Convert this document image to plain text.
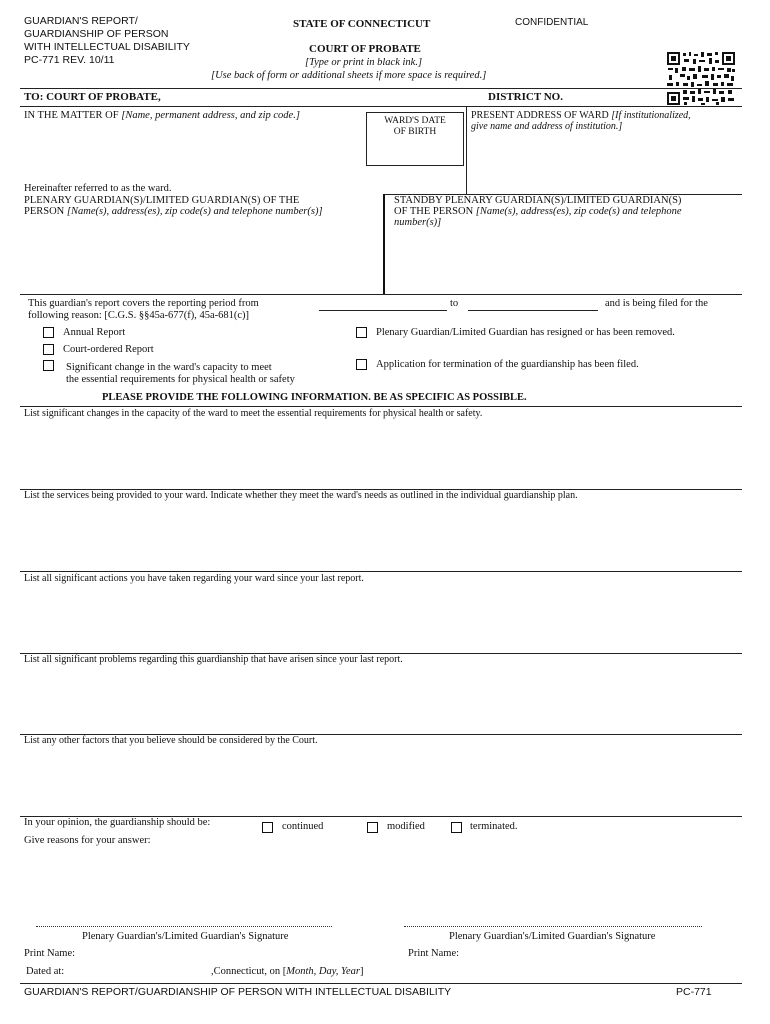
GUARDIAN'S REPORT/
GUARDIANSHIP OF PERSON
WITH INTELLECTUAL DISABILITY
PC-771 REV. 10/11
STATE OF CONNECTICUT	CONFIDENTIAL
COURT OF PROBATE
[Type or print in black ink.]
[Use back of form or additional sheets if more space is required.]
TO: COURT OF PROBATE,	DISTRICT NO.
IN THE MATTER OF [Name, permanent address, and zip code.]	WARD'S DATE
OF BIRTH
PRESENT ADDRESS OF WARD [If institutionalized,
give name and address of institution.]
Hereinafter referred to as the ward.
PLENARY GUARDIAN(S)/LIMITED GUARDIAN(S) OF THE
PERSON [Name(s), address(es), zip code(s) and telephone number(s)]
STANDBY PLENARY GUARDIAN(S)/LIMITED GUARDIAN(S)
OF THE PERSON [Name(s), address(es), zip code(s) and telephone
number(s)]
This guardian's report covers the reporting period from	to	and is being filed for the
following reason: [C.G.S. §§45a-677(f), 45a-681(c)]
Annual Report
Court-ordered Report
Significant change in the ward's capacity to meet
the essential requirements for physical health or safety
Plenary Guardian/Limited Guardian has resigned or has been removed.
Application for termination of the guardianship has been filed.
PLEASE PROVIDE THE FOLLOWING INFORMATION. BE AS SPECIFIC AS POSSIBLE.
List significant changes in the capacity of the ward to meet the essential requirements for physical health or safety.
List the services being provided to your ward. Indicate whether they meet the ward's needs as outlined in the individual guardianship plan.
List all significant actions you have taken regarding your ward since your last report.
List all significant problems regarding this guardianship that have arisen since your last report.
List any other factors that you believe should be considered by the Court.
In your opinion, the guardianship should be:	continued	modified	terminated.
Give reasons for your answer:
Plenary Guardian's/Limited Guardian's Signature	Plenary Guardian's/Limited Guardian's Signature
Print Name:	Print Name:
Dated at:	,Connecticut, on [Month, Day, Year]
GUARDIAN'S REPORT/GUARDIANSHIP OF PERSON WITH INTELLECTUAL DISABILITY	PC-771
